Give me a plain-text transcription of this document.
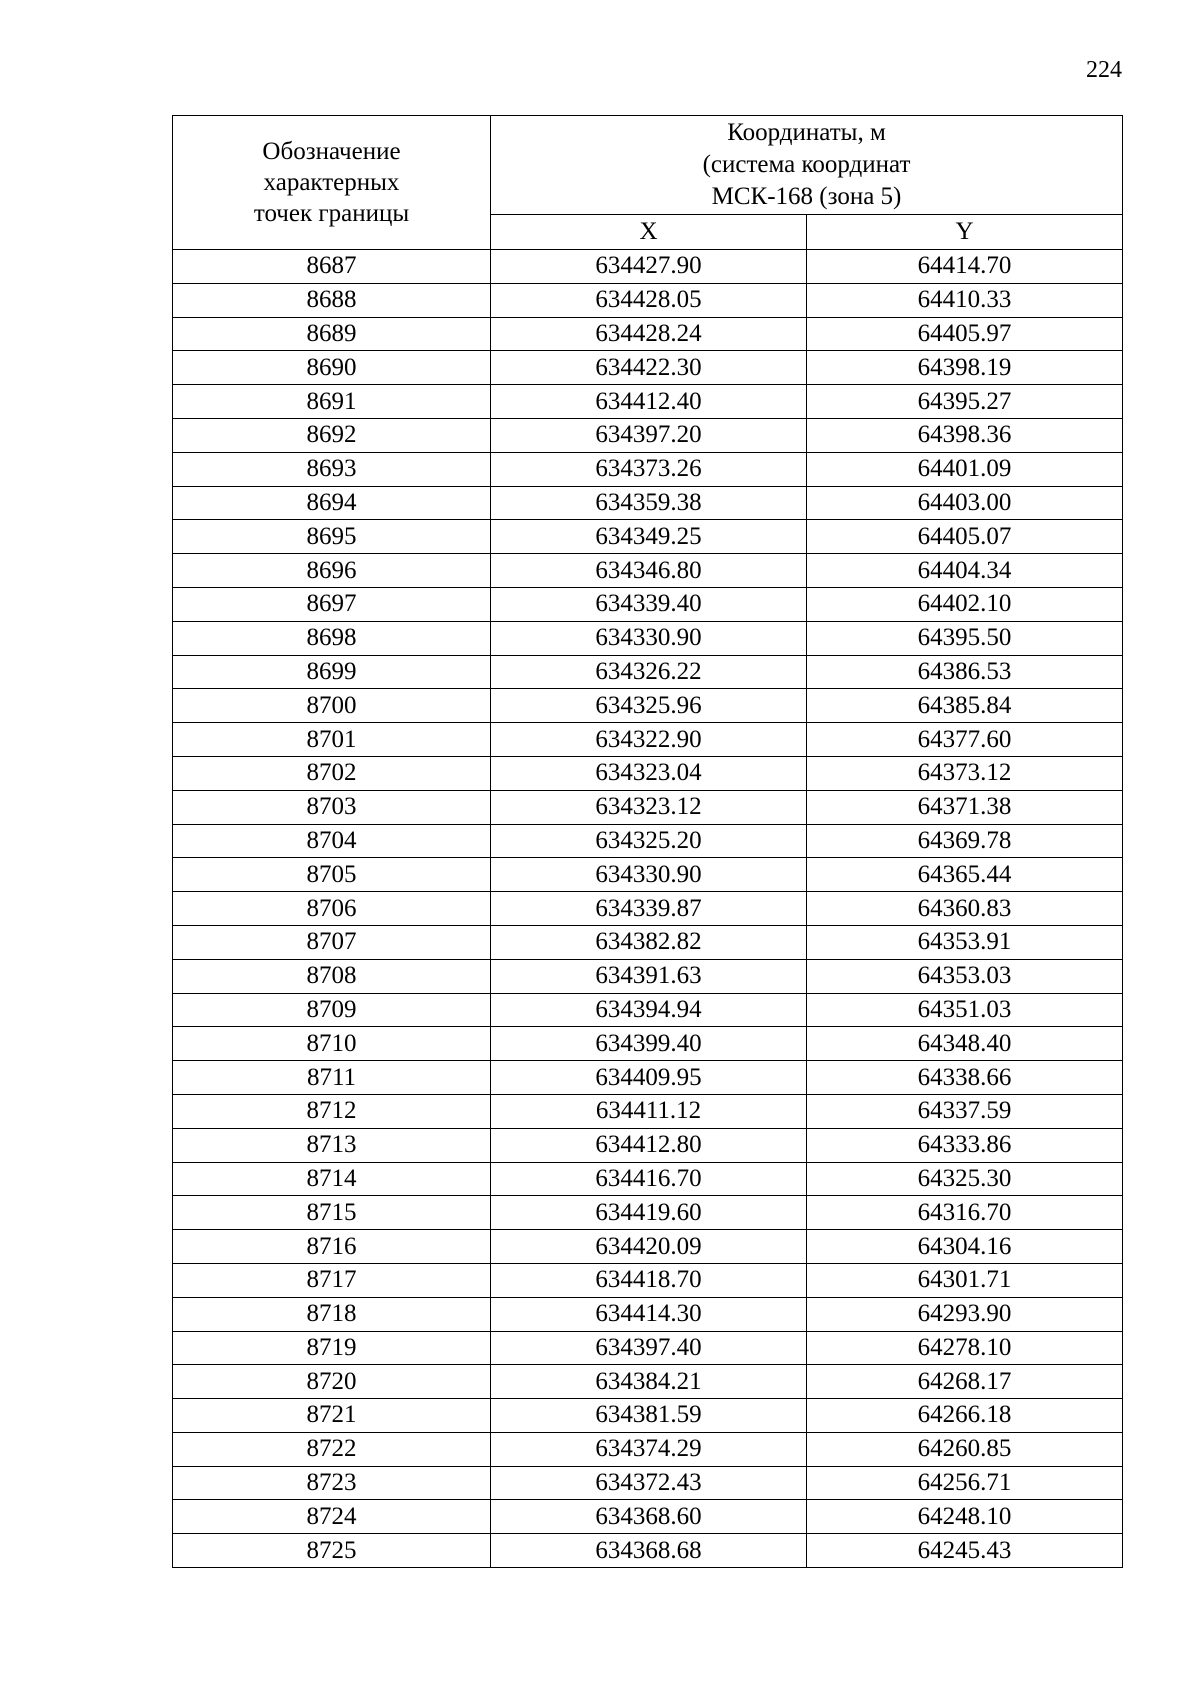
224
Обозначение
характерных
точек границы	Координаты, м
(система координат
МСК-168 (зона 5)	

	X	Y
8687	634427.90	64414.70
8688	634428.05	64410.33
8689	634428.24	64405.97
8690	634422.30	64398.19
8691	634412.40	64395.27
8692	634397.20	64398.36
8693	634373.26	64401.09
8694	634359.38	64403.00
8695	634349.25	64405.07
8696	634346.80	64404.34
8697	634339.40	64402.10
8698	634330.90	64395.50
8699	634326.22	64386.53
8700	634325.96	64385.84
8701	634322.90	64377.60
8702	634323.04	64373.12
8703	634323.12	64371.38
8704	634325.20	64369.78
8705	634330.90	64365.44
8706	634339.87	64360.83
8707	634382.82	64353.91
8708	634391.63	64353.03
8709	634394.94	64351.03
8710	634399.40	64348.40
8711	634409.95	64338.66
8712	634411.12	64337.59
8713	634412.80	64333.86
8714	634416.70	64325.30
8715	634419.60	64316.70
8716	634420.09	64304.16
8717	634418.70	64301.71
8718	634414.30	64293.90
8719	634397.40	64278.10
8720	634384.21	64268.17
8721	634381.59	64266.18
8722	634374.29	64260.85
8723	634372.43	64256.71
8724	634368.60	64248.10
8725	634368.68	64245.43
